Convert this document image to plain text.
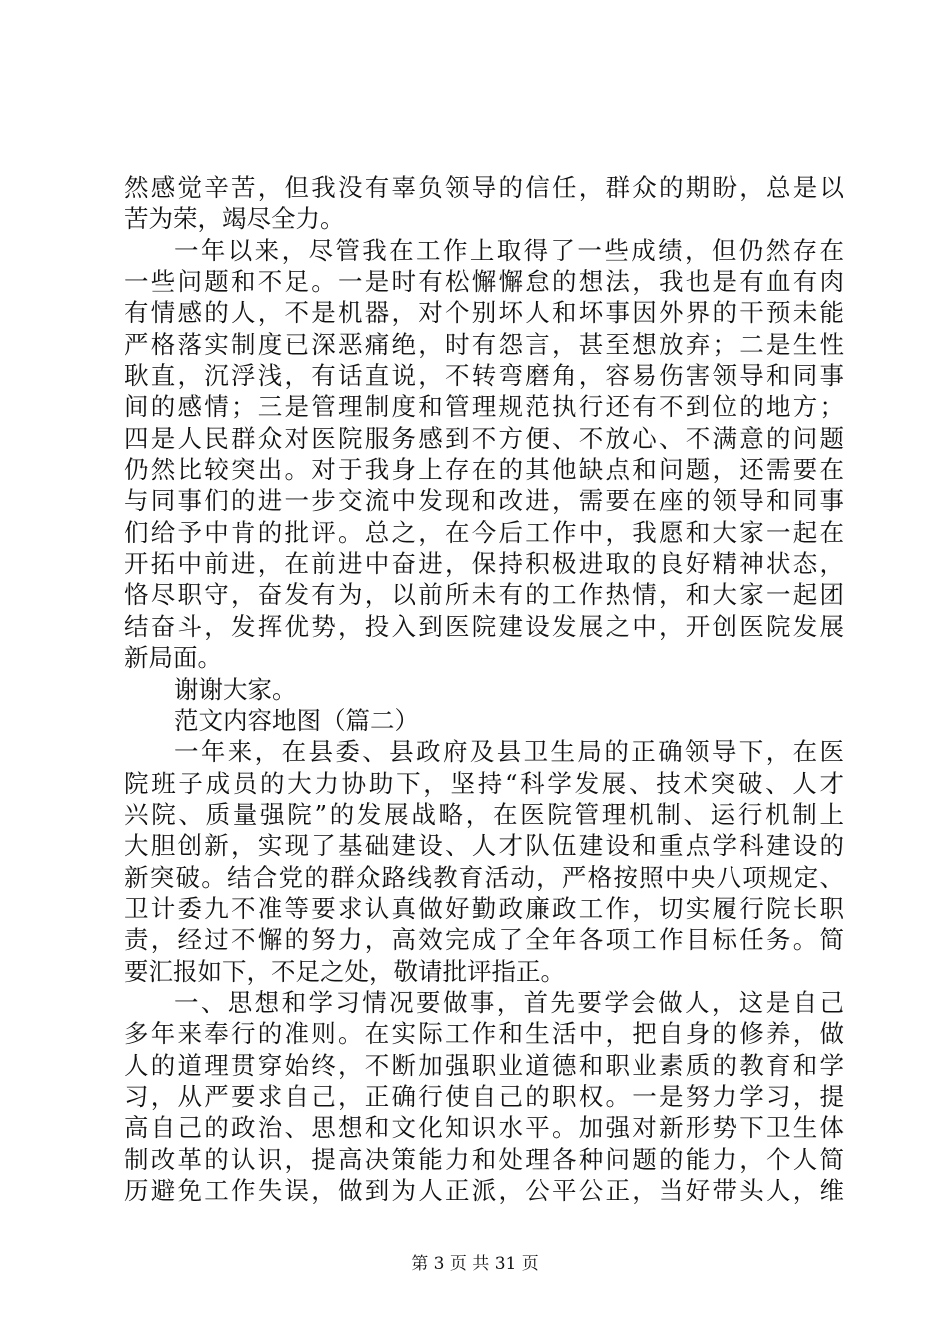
然感觉辛苦，但我没有辜负领导的信任，群众的期盼，总是以
苦为荣，竭尽全力。
一年以来，尽管我在工作上取得了一些成绩，但仍然存在
一些问题和不足。一是时有松懈懈怠的想法，我也是有血有肉
有情感的人，不是机器，对个别坏人和坏事因外界的干预未能
严格落实制度已深恶痛绝，时有怨言，甚至想放弃；二是生性
耿直，沉浮浅，有话直说，不转弯磨角，容易伤害领导和同事
间的感情；三是管理制度和管理规范执行还有不到位的地方；
四是人民群众对医院服务感到不方便、不放心、不满意的问题
仍然比较突出。对于我身上存在的其他缺点和问题，还需要在
与同事们的进一步交流中发现和改进，需要在座的领导和同事
们给予中肯的批评。总之，在今后工作中，我愿和大家一起在
开拓中前进，在前进中奋进，保持积极进取的良好精神状态，
恪尽职守，奋发有为，以前所未有的工作热情，和大家一起团
结奋斗，发挥优势，投入到医院建设发展之中，开创医院发展
新局面。
谢谢大家。
范文内容地图（篇二）
一年来，在县委、县政府及县卫生局的正确领导下，在医
院班子成员的大力协助下，坚持“科学发展、技术突破、人才
兴院、质量强院”的发展战略，在医院管理机制、运行机制上
大胆创新，实现了基础建设、人才队伍建设和重点学科建设的
新突破。结合党的群众路线教育活动，严格按照中央八项规定、
卫计委九不准等要求认真做好勤政廉政工作，切实履行院长职
责，经过不懈的努力，高效完成了全年各项工作目标任务。简
要汇报如下，不足之处，敬请批评指正。
一、思想和学习情况要做事，首先要学会做人，这是自己
多年来奉行的准则。在实际工作和生活中，把自身的修养，做
人的道理贯穿始终，不断加强职业道德和职业素质的教育和学
习，从严要求自己，正确行使自己的职权。一是努力学习，提
高自己的政治、思想和文化知识水平。加强对新形势下卫生体
制改革的认识，提高决策能力和处理各种问题的能力，个人简
历避免工作失误，做到为人正派，公平公正，当好带头人，维
第 3 页 共 31 页
